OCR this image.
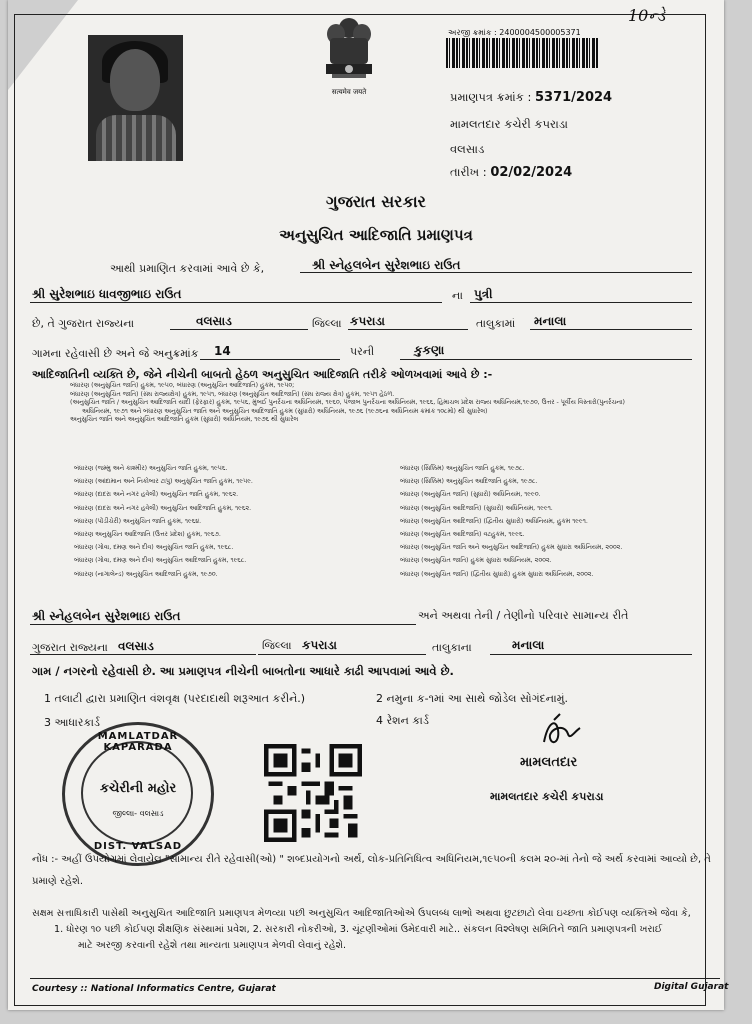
10ન્ડે
सत्यमेव जयते
અરજી ક્રમાંક : 2400004500005371
પ્રમાણપત્ર ક્રમાંક : 5371/2024
મામલતદાર કચેરી કપરાડા
વલસાડ
તારીખ : 02/02/2024
ગુજરાત સરકાર
અનુસુચિત આદિજાતિ પ્રમાણપત્ર
આથી પ્રમાણિત કરવામાં આવે છે કે,	શ્રી સ્નેહલબેન સુરેશભાઇ રાઉત
શ્રી સુરેશભાઇ ધાવજીભાઇ રાઉત	ના પુત્રી
છે, તે ગુજરાત રાજ્યના	વલસાડ	જિલ્લા કપરાડા	તાલુકામાં મનાલા
ગામના રહેવાસી છે અને જે અનુક્રમાંક 14	પરની	કુકણા
આદિજાતિની વ્યક્તિ છે, જેને નીચેની બાબતો હેઠળ અનુસુચિત આદિજાતિ તરીકે ઓળખવામાં આવે છે :-
બંધારણ (અનુસુચિત જાતિ) હુકમ, ૧૯૫૦, બંધારણ (અનુસુચિત આદિજાતિ) હુકમ, ૧૯૫૦;
બંધારણ (અનુસુચિત જાતિ) (સંઘ રાજ્યક્ષેત્ર) હુકમ, ૧૯૫૧, બંધારણ (અનુસુચિત આદિજાતિ) (સંઘ રાજ્ય ક્ષેત્ર) હુકમ, ૧૯૫૧ હેઠળ.
(અનુસુચિત જાતિ / અનુસુચિત આદિજાતિ યાદી (ફેરફાર) હુકમ, ૧૯૫૬, મુંબઈ પુનર્રચના અધિનિયમ, ૧૯૬૦, પંજાબ પુનર્રચના અધિનિયમ, ૧૯૬૬, હિમાચલ પ્રદેશ રાજ્ય અધિનિયમ,૧૯૭૦, ઉત્તર - પૂર્વીય વિસ્તારો(પુનર્રચના)
અધિનિયમ, ૧૯૭૧ અને બંધારણ અનુસુચિત જાતિ અને અનુસુચિત આદિજાતિ હુકમ (સુધારો) અધિનિયમ, ૧૯૭૬ (૧૯૭૬ના અધિનિયમ ક્રમાંક ૧૦૮મો) થી સુધારેલ)
અનુસુચિત જાતિ અને અનુસુચિત આદિજાતિ હુકમ (સુધારો) અધિનિયમ, ૧૯૭૬ થી સુધારેલ
બંધારણ (જમ્મુ અને કાશ્મીર) અનુસુચિત જાતિ હુકમ, ૧૯૫૬.
બંધારણ (આંદામાન અને નિકોબાર ટાપુ) અનુસુચિત જાતિ હુકમ, ૧૯૫૯.
બંધારણ (દાદરા અને નગર હવેલી) અનુસુચિત જાતિ હુકમ, ૧૯૬૨.
બંધારણ (દાદરા અને નગર હવેલી) અનુસુચિત આદિજાતિ હુકમ, ૧૯૬૨.
બંધારણ (પોંડીચેરી) અનુસુચિત જાતિ હુકમ, ૧૯૬૪.
બંધારણ અનુસુચિત આદિજાતિ (ઉત્તર પ્રદેશ) હુકમ, ૧૯૬૭.
બંધારણ (ગોવા, દમણ અને દીવ) અનુસુચિત જાતિ હુકમ, ૧૯૬૮.
બંધારણ (ગોવા, દમણ અને દીવ) અનુસુચિત આદિજાતિ હુકમ, ૧૯૬૮.
બંધારણ (નાગાલેન્ડ) અનુસુચિત આદિજાતિ હુકમ, ૧૯૭૦.
બંધારણ (સિક્કિમ) અનુસુચિત જાતિ હુકમ, ૧૯૭૮.
બંધારણ (સિક્કિમ) અનુસુચિત આદિજાતિ હુકમ, ૧૯૭૮.
બંધારણ (અનુસુચિત જાતિ) (સુધારો) અધિનિયમ, ૧૯૯૦.
બંધારણ (અનુસુચિત આદિજાતિ) (સુધારો) અધિનિયમ, ૧૯૯૧.
બંધારણ (અનુસુચિત આદિજાતિ) (દ્વિતીય સુધારો) અધિનિયમ, હુકમ ૧૯૯૧.
બંધારણ (અનુસુચિત આદિજાતિ) વટહુકમ, ૧૯૯૬.
બંધારણ (અનુસુચિત જાતિ અને અનુસુચિત આદિજાતિ) હુકમ સુધારા અધિનિયમ, ૨૦૦૨.
બંધારણ (અનુસુચિત જાતિ) હુકમ સુધારા અધિનિયમ, ૨૦૦૨.
બંધારણ (અનુસુચિત જાતિ) (દ્વિતીય સુધારો) હુકમ સુધારા અધિનિયમ, ૨૦૦૨.
શ્રી સ્નેહલબેન સુરેશભાઇ રાઉત	અને અથવા તેની / તેણીનો પરિવાર સામાન્ય રીતે
ગુજરાત રાજ્યના વલસાડ	જિલ્લા કપરાડા	તાલુકાના	મનાલા
ગામ / નગરનો રહેવાસી છે. આ પ્રમાણપત્ર નીચેની બાબતોના આધારે કાઢી આપવામાં આવે છે.
1 તલાટી દ્વારા પ્રમાણિત વંશવૃક્ષ (પરદાદાથી શરૂઆત કરીને.)	2 નમુના ક-૧માં આ સાથે જોડેલ સોગંદનામું.
3 આધારકાર્ડ	4 રેશન કાર્ડ
MAMLATDAR KAPARADA
કચેરીની મહોર
જીલ્લા- વલસાડ
DIST. VALSAD
મામલતદાર
મામલતદાર કચેરી કપરાડા
નોંધ :- અહીં ઉપયોગમાં લેવાયેલ "સામાન્ય રીતે રહેવાસી(ઓ) " શબ્દપ્રયોગનો અર્થ, લોક-પ્રતિનિધિત્વ અધિનિયમ,૧૯૫૦ની કલમ ૨૦-માં તેનો જે અર્થ કરવામાં આવ્યો છે, તે
પ્રમાણે રહેશે.
સક્ષમ સત્તાધિકારી પાસેથી અનુસુચિત આદિજાતિ પ્રમાણપત્ર મેળવ્યા પછી અનુસુચિત આદિજાતિઓએ ઉપલબ્ધ લાભો અથવા છુટછાટો લેવા ઇચ્છતા કોઈપણ વ્યક્તિએ જેવા કે,
1. ધોરણ ૧૦ પછી કોઈપણ શૈક્ષણિક સંસ્થામાં પ્રવેશ, 2. સરકારી નોકરીઓ, 3. ચૂંટણીઓમાં ઉમેદવારી માટે.. સંકલન વિશ્લેષણ સમિતિને જાતિ પ્રમાણપત્રની ખરાઈ
માટે અરજી કરવાની રહેશે તથા માન્યતા પ્રમાણપત્ર મેળવી લેવાનું રહેશે.
Courtesy :: National Informatics Centre, Gujarat	Digital Gujarat
